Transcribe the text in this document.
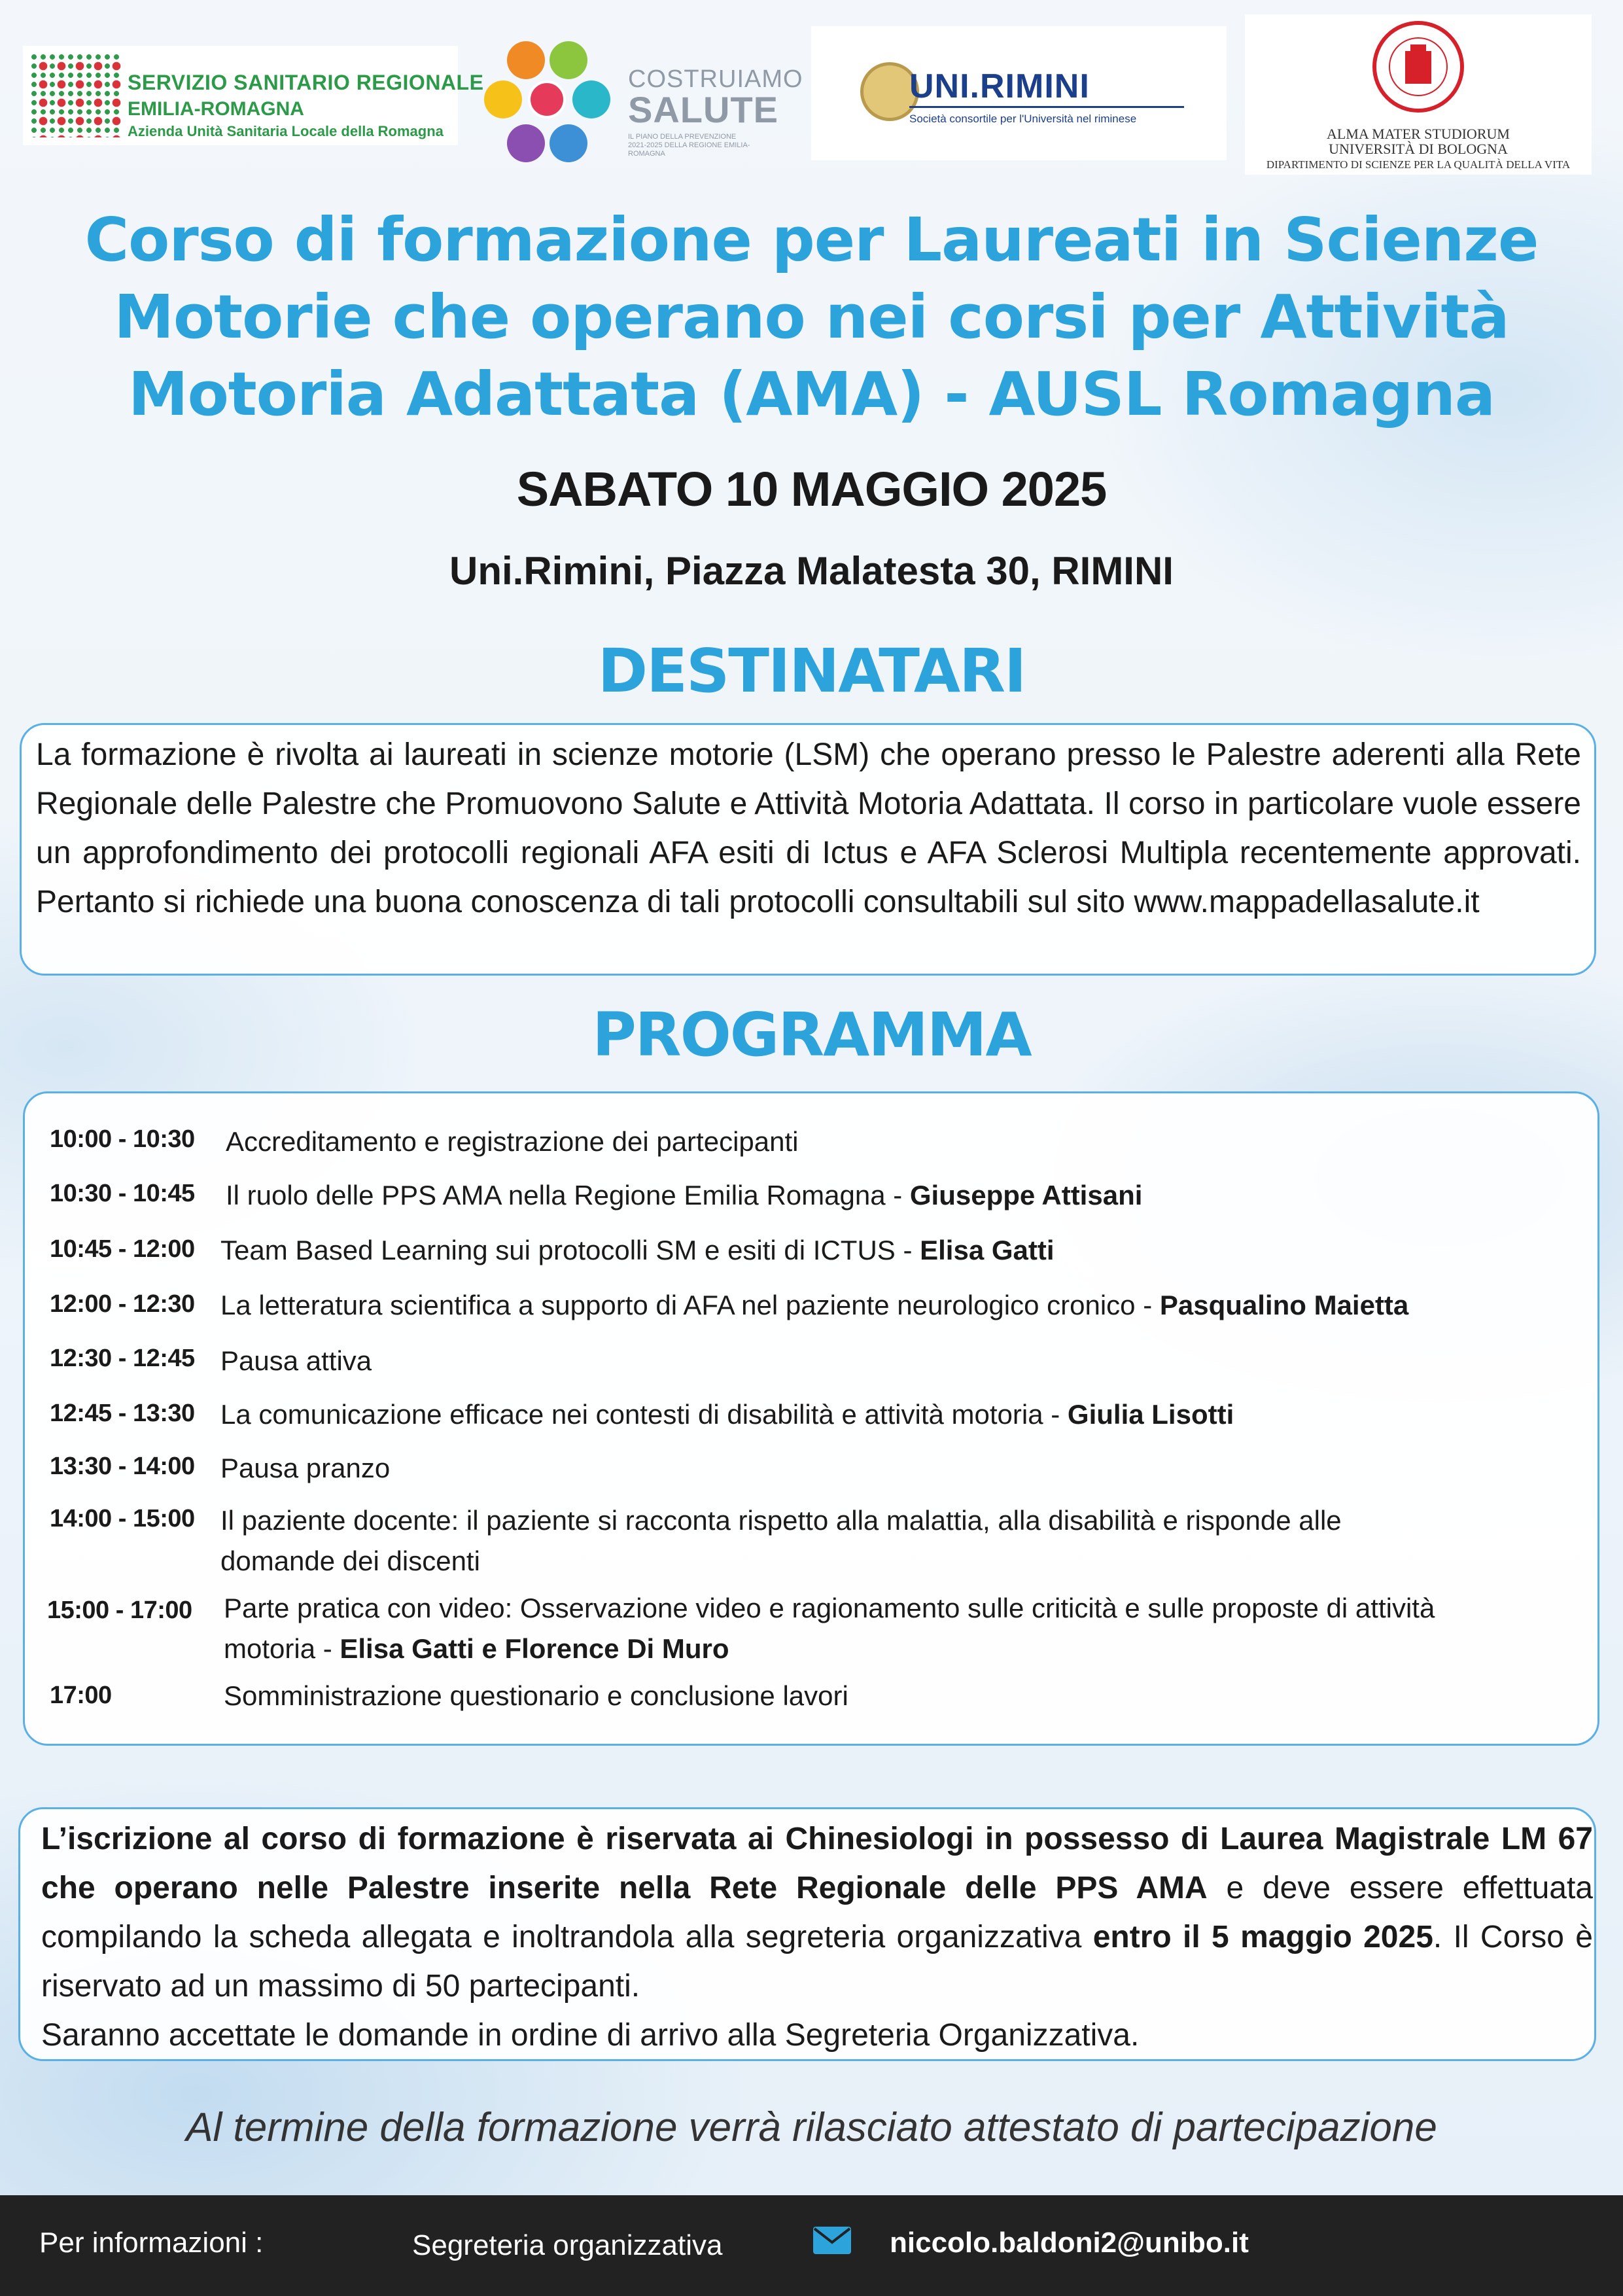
SERVIZIO SANITARIO REGIONALE
EMILIA-ROMAGNA
Azienda Unità Sanitaria Locale della Romagna
COSTRUIAMO
SALUTE
IL PIANO DELLA PREVENZIONE 2021-2025 DELLA REGIONE EMILIA-ROMAGNA
UNI.RIMINI
Società consortile per l'Università nel riminese
ALMA MATER STUDIORUM
UNIVERSITÀ DI BOLOGNA
DIPARTIMENTO DI SCIENZE PER LA QUALITÀ DELLA VITA
Corso di formazione per Laureati in Scienze
Motorie che operano nei corsi per Attività
Motoria Adattata (AMA) - AUSL Romagna
SABATO 10 MAGGIO 2025
Uni.Rimini, Piazza Malatesta 30, RIMINI
DESTINATARI
La formazione è rivolta ai laureati in scienze motorie (LSM) che operano presso le Palestre aderenti alla Rete Regionale delle Palestre che Promuovono Salute e Attività Motoria Adattata. Il corso in particolare vuole essere un approfondimento dei protocolli regionali AFA esiti di Ictus e AFA Sclerosi Multipla recentemente approvati. Pertanto si richiede una buona conoscenza di tali protocolli consultabili sul sito www.mappadellasalute.it
PROGRAMMA
10:00 - 10:30 Accreditamento e registrazione dei partecipanti
10:30 - 10:45 Il ruolo delle PPS AMA nella Regione Emilia Romagna - Giuseppe Attisani
10:45 - 12:00 Team Based Learning sui protocolli SM e esiti di ICTUS - Elisa Gatti
12:00 - 12:30 La letteratura scientifica a supporto di AFA nel paziente neurologico cronico - Pasqualino Maietta
12:30 - 12:45 Pausa attiva
12:45 - 13:30 La comunicazione efficace nei contesti di disabilità e attività motoria - Giulia Lisotti
13:30 - 14:00 Pausa pranzo
14:00 - 15:00 Il paziente docente: il paziente si racconta rispetto alla malattia, alla disabilità e risponde alle
domande dei discenti
15:00 - 17:00 Parte pratica con video: Osservazione video e ragionamento sulle criticità e sulle proposte di attività
motoria - Elisa Gatti e Florence Di Muro
17:00	Somministrazione questionario e conclusione lavori
L’iscrizione al corso di formazione è riservata ai Chinesiologi in possesso di Laurea Magistrale LM 67 che operano nelle Palestre inserite nella Rete Regionale delle PPS AMA e deve essere effettuata compilando la scheda allegata e inoltrandola alla segreteria organizzativa entro il 5 maggio 2025. Il Corso è riservato ad un massimo di 50 partecipanti.
Saranno accettate le domande in ordine di arrivo alla Segreteria Organizzativa.
Al termine della formazione verrà rilasciato attestato di partecipazione
Per informazioni :	Segreteria organizzativa	niccolo.baldoni2@unibo.it
